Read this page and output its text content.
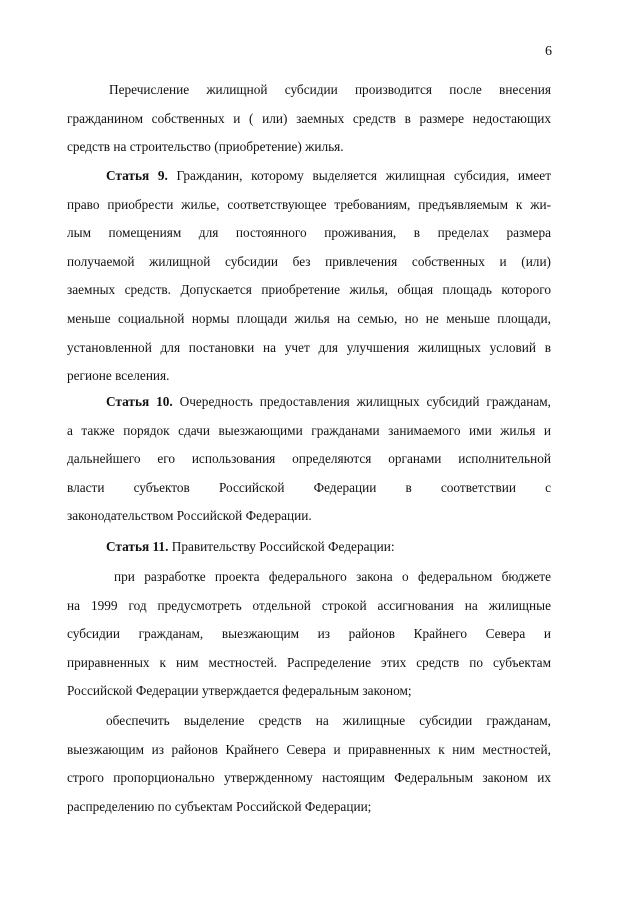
6
Перечисление жилищной субсидии производится после внесения
гражданином собственных и ( или) заемных средств в размере недостающих
средств на строительство (приобретение) жилья.
Статья 9. Гражданин, которому выделяется жилищная субсидия, имеет
право приобрести жилье, соответствующее требованиям, предъявляемым к жи-
лым помещениям для постоянного проживания, в пределах размера
получаемой жилищной субсидии без привлечения собственных и (или)
заемных средств. Допускается приобретение жилья, общая площадь которого
меньше социальной нормы площади жилья на семью, но не меньше площади,
установленной для постановки на учет для улучшения жилищных условий в
регионе вселения.
Статья 10. Очередность предоставления жилищных субсидий гражданам,
а также порядок сдачи выезжающими гражданами занимаемого ими жилья и
дальнейшего его использования определяются органами исполнительной
власти субъектов Российской Федерации в соответствии с
законодательством Российской Федерации.
Статья 11. Правительству Российской Федерации:
при разработке проекта федерального закона о федеральном бюджете
на 1999 год предусмотреть отдельной строкой ассигнования на жилищные
субсидии гражданам, выезжающим из районов Крайнего Севера и
приравненных к ним местностей. Распределение этих средств по субъектам
Российской Федерации утверждается федеральным законом;
обеспечить выделение средств на жилищные субсидии гражданам,
выезжающим из районов Крайнего Севера и приравненных к ним местностей,
строго пропорционально утвержденному настоящим Федеральным законом их
распределению по субъектам Российской Федерации;
